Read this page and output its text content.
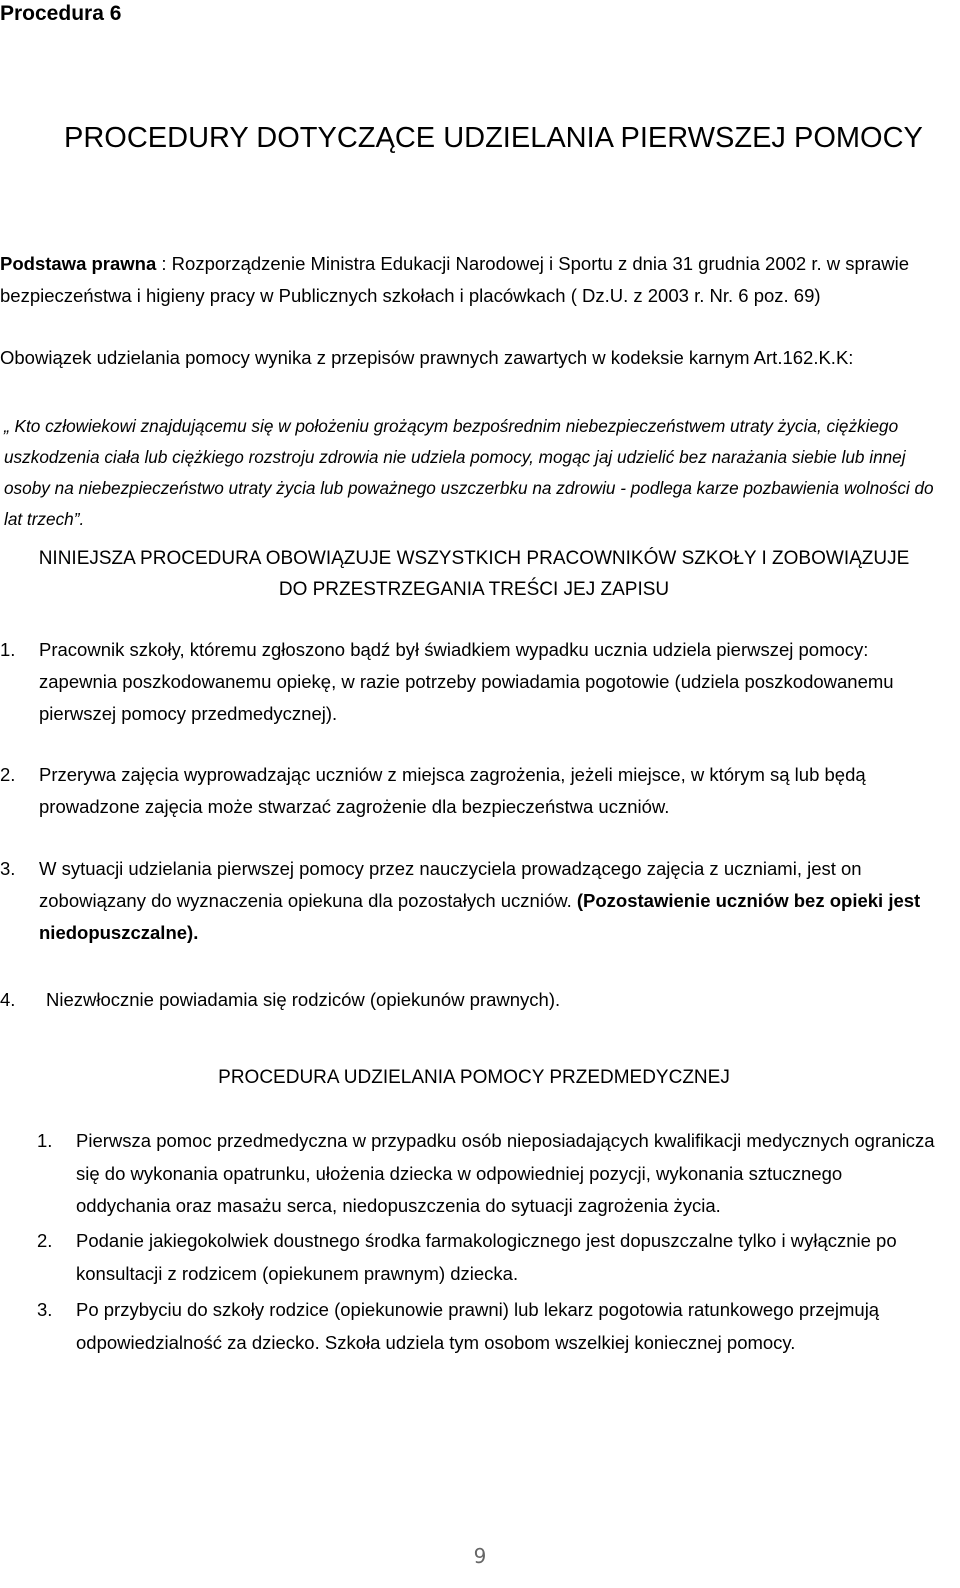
Procedura 6
PROCEDURY DOTYCZĄCE UDZIELANIA PIERWSZEJ POMOCY
Podstawa prawna : Rozporządzenie Ministra Edukacji Narodowej i Sportu z dnia 31 grudnia 2002 r. w sprawie bezpieczeństwa i higieny pracy w Publicznych szkołach i placówkach ( Dz.U. z 2003 r. Nr. 6 poz. 69)
Obowiązek udzielania pomocy wynika z przepisów prawnych zawartych w kodeksie karnym Art.162.K.K:
„ Kto człowiekowi znajdującemu się w położeniu grożącym bezpośrednim niebezpieczeństwem utraty życia, ciężkiego uszkodzenia ciała lub ciężkiego rozstroju zdrowia nie udziela pomocy, mogąc jaj udzielić bez narażania siebie lub innej osoby na niebezpieczeństwo utraty życia lub poważnego uszczerbku na zdrowiu - podlega karze pozbawienia wolności do lat trzech”.
NINIEJSZA PROCEDURA OBOWIĄZUJE WSZYSTKICH PRACOWNIKÓW SZKOŁY I ZOBOWIĄZUJE
DO PRZESTRZEGANIA TREŚCI JEJ ZAPISU
1. Pracownik szkoły, któremu zgłoszono bądź był świadkiem wypadku ucznia udziela pierwszej pomocy: zapewnia poszkodowanemu opiekę, w razie potrzeby powiadamia pogotowie (udziela poszkodowanemu pierwszej pomocy przedmedycznej).
2. Przerywa zajęcia wyprowadzając uczniów z miejsca zagrożenia, jeżeli miejsce, w którym są lub będą prowadzone zajęcia może stwarzać zagrożenie dla bezpieczeństwa uczniów.
3. W sytuacji udzielania pierwszej pomocy przez nauczyciela prowadzącego zajęcia z uczniami, jest on zobowiązany do wyznaczenia opiekuna dla pozostałych uczniów. (Pozostawienie uczniów bez opieki jest niedopuszczalne).
4. Niezwłocznie powiadamia się rodziców (opiekunów prawnych).
PROCEDURA UDZIELANIA POMOCY PRZEDMEDYCZNEJ
1. Pierwsza pomoc przedmedyczna w przypadku osób nieposiadających kwalifikacji medycznych ogranicza się do wykonania opatrunku, ułożenia dziecka w odpowiedniej pozycji, wykonania sztucznego oddychania oraz masażu serca, niedopuszczenia do sytuacji zagrożenia życia.
2. Podanie jakiegokolwiek doustnego środka farmakologicznego jest dopuszczalne tylko i wyłącznie po konsultacji z rodzicem (opiekunem prawnym) dziecka.
3. Po przybyciu do szkoły rodzice (opiekunowie prawni) lub lekarz pogotowia ratunkowego przejmują odpowiedzialność za dziecko. Szkoła udziela tym osobom wszelkiej koniecznej pomocy.
9
